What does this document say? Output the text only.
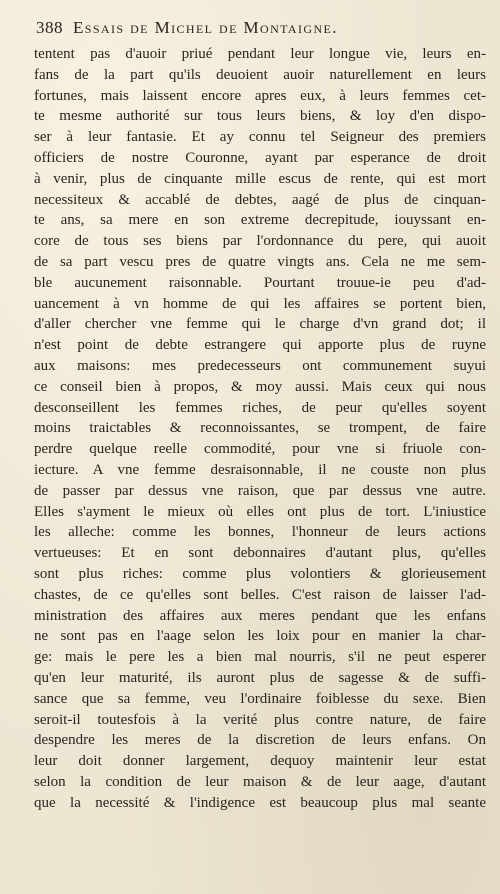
388 Essais de Michel de Montaigne.
tentent pas d'auoir priué pendant leur longue vie, leurs en-
fans de la part qu'ils deuoient auoir naturellement en leurs
fortunes, mais laissent encore apres eux, à leurs femmes cet-
te mesme authorité sur tous leurs biens, & loy d'en dispo-
ser à leur fantasie. Et ay connu tel Seigneur des premiers
officiers de nostre Couronne, ayant par esperance de droit
à venir, plus de cinquante mille escus de rente, qui est mort
necessiteux & accablé de debtes, aagé de plus de cinquan-
te ans, sa mere en son extreme decrepitude, iouyssant en-
core de tous ses biens par l'ordonnance du pere, qui auoit
de sa part vescu pres de quatre vingts ans. Cela ne me sem-
ble aucunement raisonnable. Pourtant trouue-ie peu d'ad-
uancement à vn homme de qui les affaires se portent bien,
d'aller chercher vne femme qui le charge d'vn grand dot; il
n'est point de debte estrangere qui apporte plus de ruyne
aux maisons: mes predecesseurs ont communement suyui
ce conseil bien à propos, & moy aussi. Mais ceux qui nous
desconseillent les femmes riches, de peur qu'elles soyent
moins traictables & reconnoissantes, se trompent, de faire
perdre quelque reelle commodité, pour vne si friuole con-
iecture. A vne femme desraisonnable, il ne couste non plus
de passer par dessus vne raison, que par dessus vne autre.
Elles s'ayment le mieux où elles ont plus de tort. L'iniustice
les alleche: comme les bonnes, l'honneur de leurs actions
vertueuses: Et en sont debonnaires d'autant plus, qu'elles
sont plus riches: comme plus volontiers & glorieusement
chastes, de ce qu'elles sont belles. C'est raison de laisser l'ad-
ministration des affaires aux meres pendant que les enfans
ne sont pas en l'aage selon les loix pour en manier la char-
ge: mais le pere les a bien mal nourris, s'il ne peut esperer
qu'en leur maturité, ils auront plus de sagesse & de suffi-
sance que sa femme, veu l'ordinaire foiblesse du sexe. Bien
seroit-il toutesfois à la verité plus contre nature, de faire
despendre les meres de la discretion de leurs enfans. On
leur doit donner largement, dequoy maintenir leur estat
selon la condition de leur maison & de leur aage, d'autant
que la necessité & l'indigence est beaucoup plus mal seante
